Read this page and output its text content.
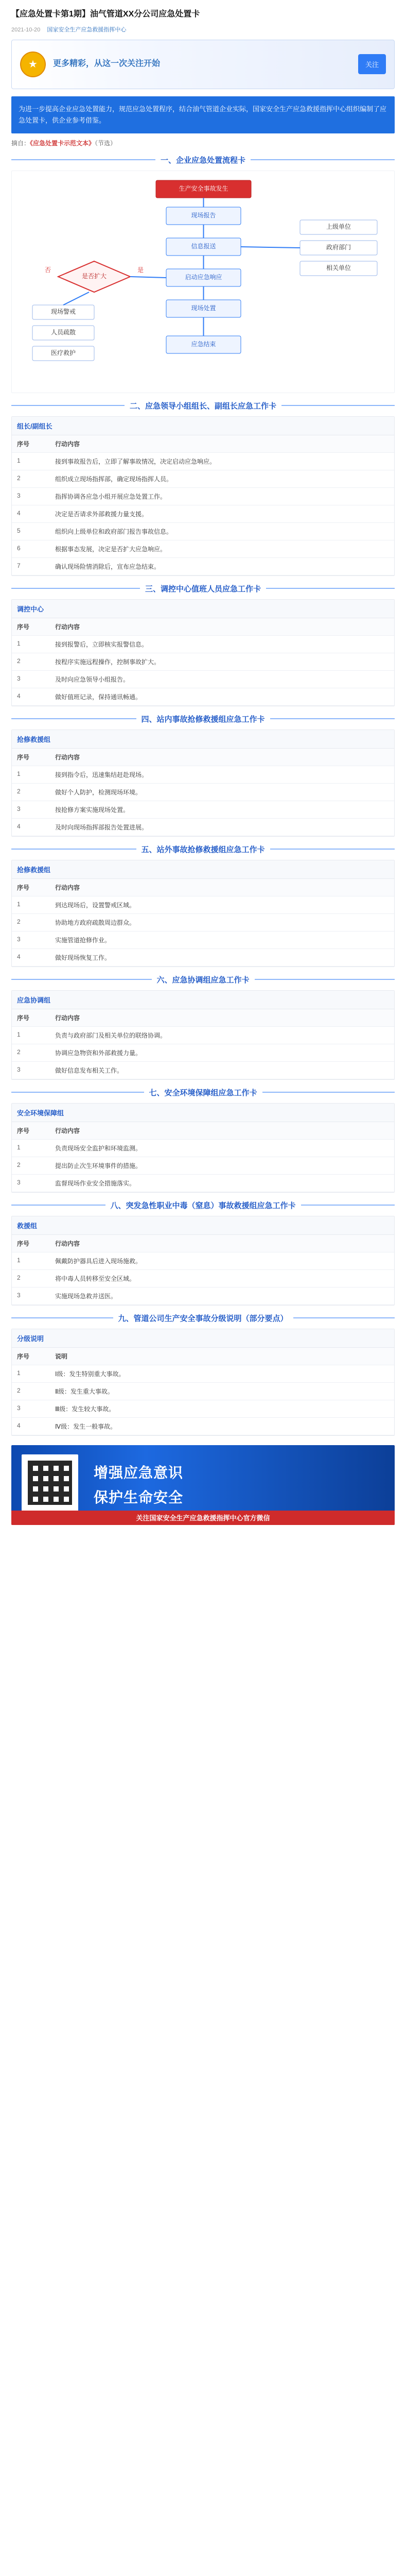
【应急处置卡第1期】油气管道XX分公司应急处置卡
2021-10-20 国家安全生产应急救援指挥中心
★	更多精彩，从这一次关注开始	关注

为进一步提高企业应急处置能力，规范应急处置程序，结合油气管道企业实际，国家安全生产应急救援指挥中心组织编制了应急处置卡，供企业参考借鉴。

摘自：《应急处置卡示范文本》（节选）
一、企业应急处置流程卡
生产安全事故发生
现场报告
信息报送
启动应急响应
现场处置
应急结束
是否扩大
是
否
现场警戒
人员疏散
医疗救护
上级单位
政府部门
相关单位
二、应急领导小组组长、副组长应急工作卡
组长/副组长
序号	行动内容
1	接到事故报告后，立即了解事故情况，决定启动应急响应。
2	组织成立现场指挥部，确定现场指挥人员。
3	指挥协调各应急小组开展应急处置工作。
4	决定是否请求外部救援力量支援。
5	组织向上级单位和政府部门报告事故信息。
6	根据事态发展，决定是否扩大应急响应。
7	确认现场险情消除后，宣布应急结束。
三、调控中心值班人员应急工作卡
调控中心
序号	行动内容
1	接到报警后，立即核实报警信息。
2	按程序实施远程操作，控制事故扩大。
3	及时向应急领导小组报告。
4	做好值班记录，保持通讯畅通。
四、站内事故抢修救援组应急工作卡
抢修救援组
序号	行动内容
1	接到指令后，迅速集结赶赴现场。
2	做好个人防护，检测现场环境。
3	按抢修方案实施现场处置。
4	及时向现场指挥部报告处置进展。
五、站外事故抢修救援组应急工作卡
抢修救援组
序号	行动内容
1	到达现场后，设置警戒区域。
2	协助地方政府疏散周边群众。
3	实施管道抢修作业。
4	做好现场恢复工作。
六、应急协调组应急工作卡
应急协调组
序号	行动内容
1	负责与政府部门及相关单位的联络协调。
2	协调应急物资和外部救援力量。
3	做好信息发布相关工作。
七、安全环境保障组应急工作卡
安全环境保障组
序号	行动内容
1	负责现场安全监护和环境监测。
2	提出防止次生环境事件的措施。
3	监督现场作业安全措施落实。
八、突发急性职业中毒（窒息）事故救援组应急工作卡
救援组
序号	行动内容
1	佩戴防护器具后进入现场施救。
2	将中毒人员转移至安全区域。
3	实施现场急救并送医。
九、管道公司生产安全事故分级说明（部分要点）
分级说明
序号	说明
1	Ⅰ级：发生特别重大事故。
2	Ⅱ级：发生重大事故。
3	Ⅲ级：发生较大事故。
4	Ⅳ级：发生一般事故。
增强应急意识
保护生命安全
关注国家安全生产应急救援指挥中心官方微信
